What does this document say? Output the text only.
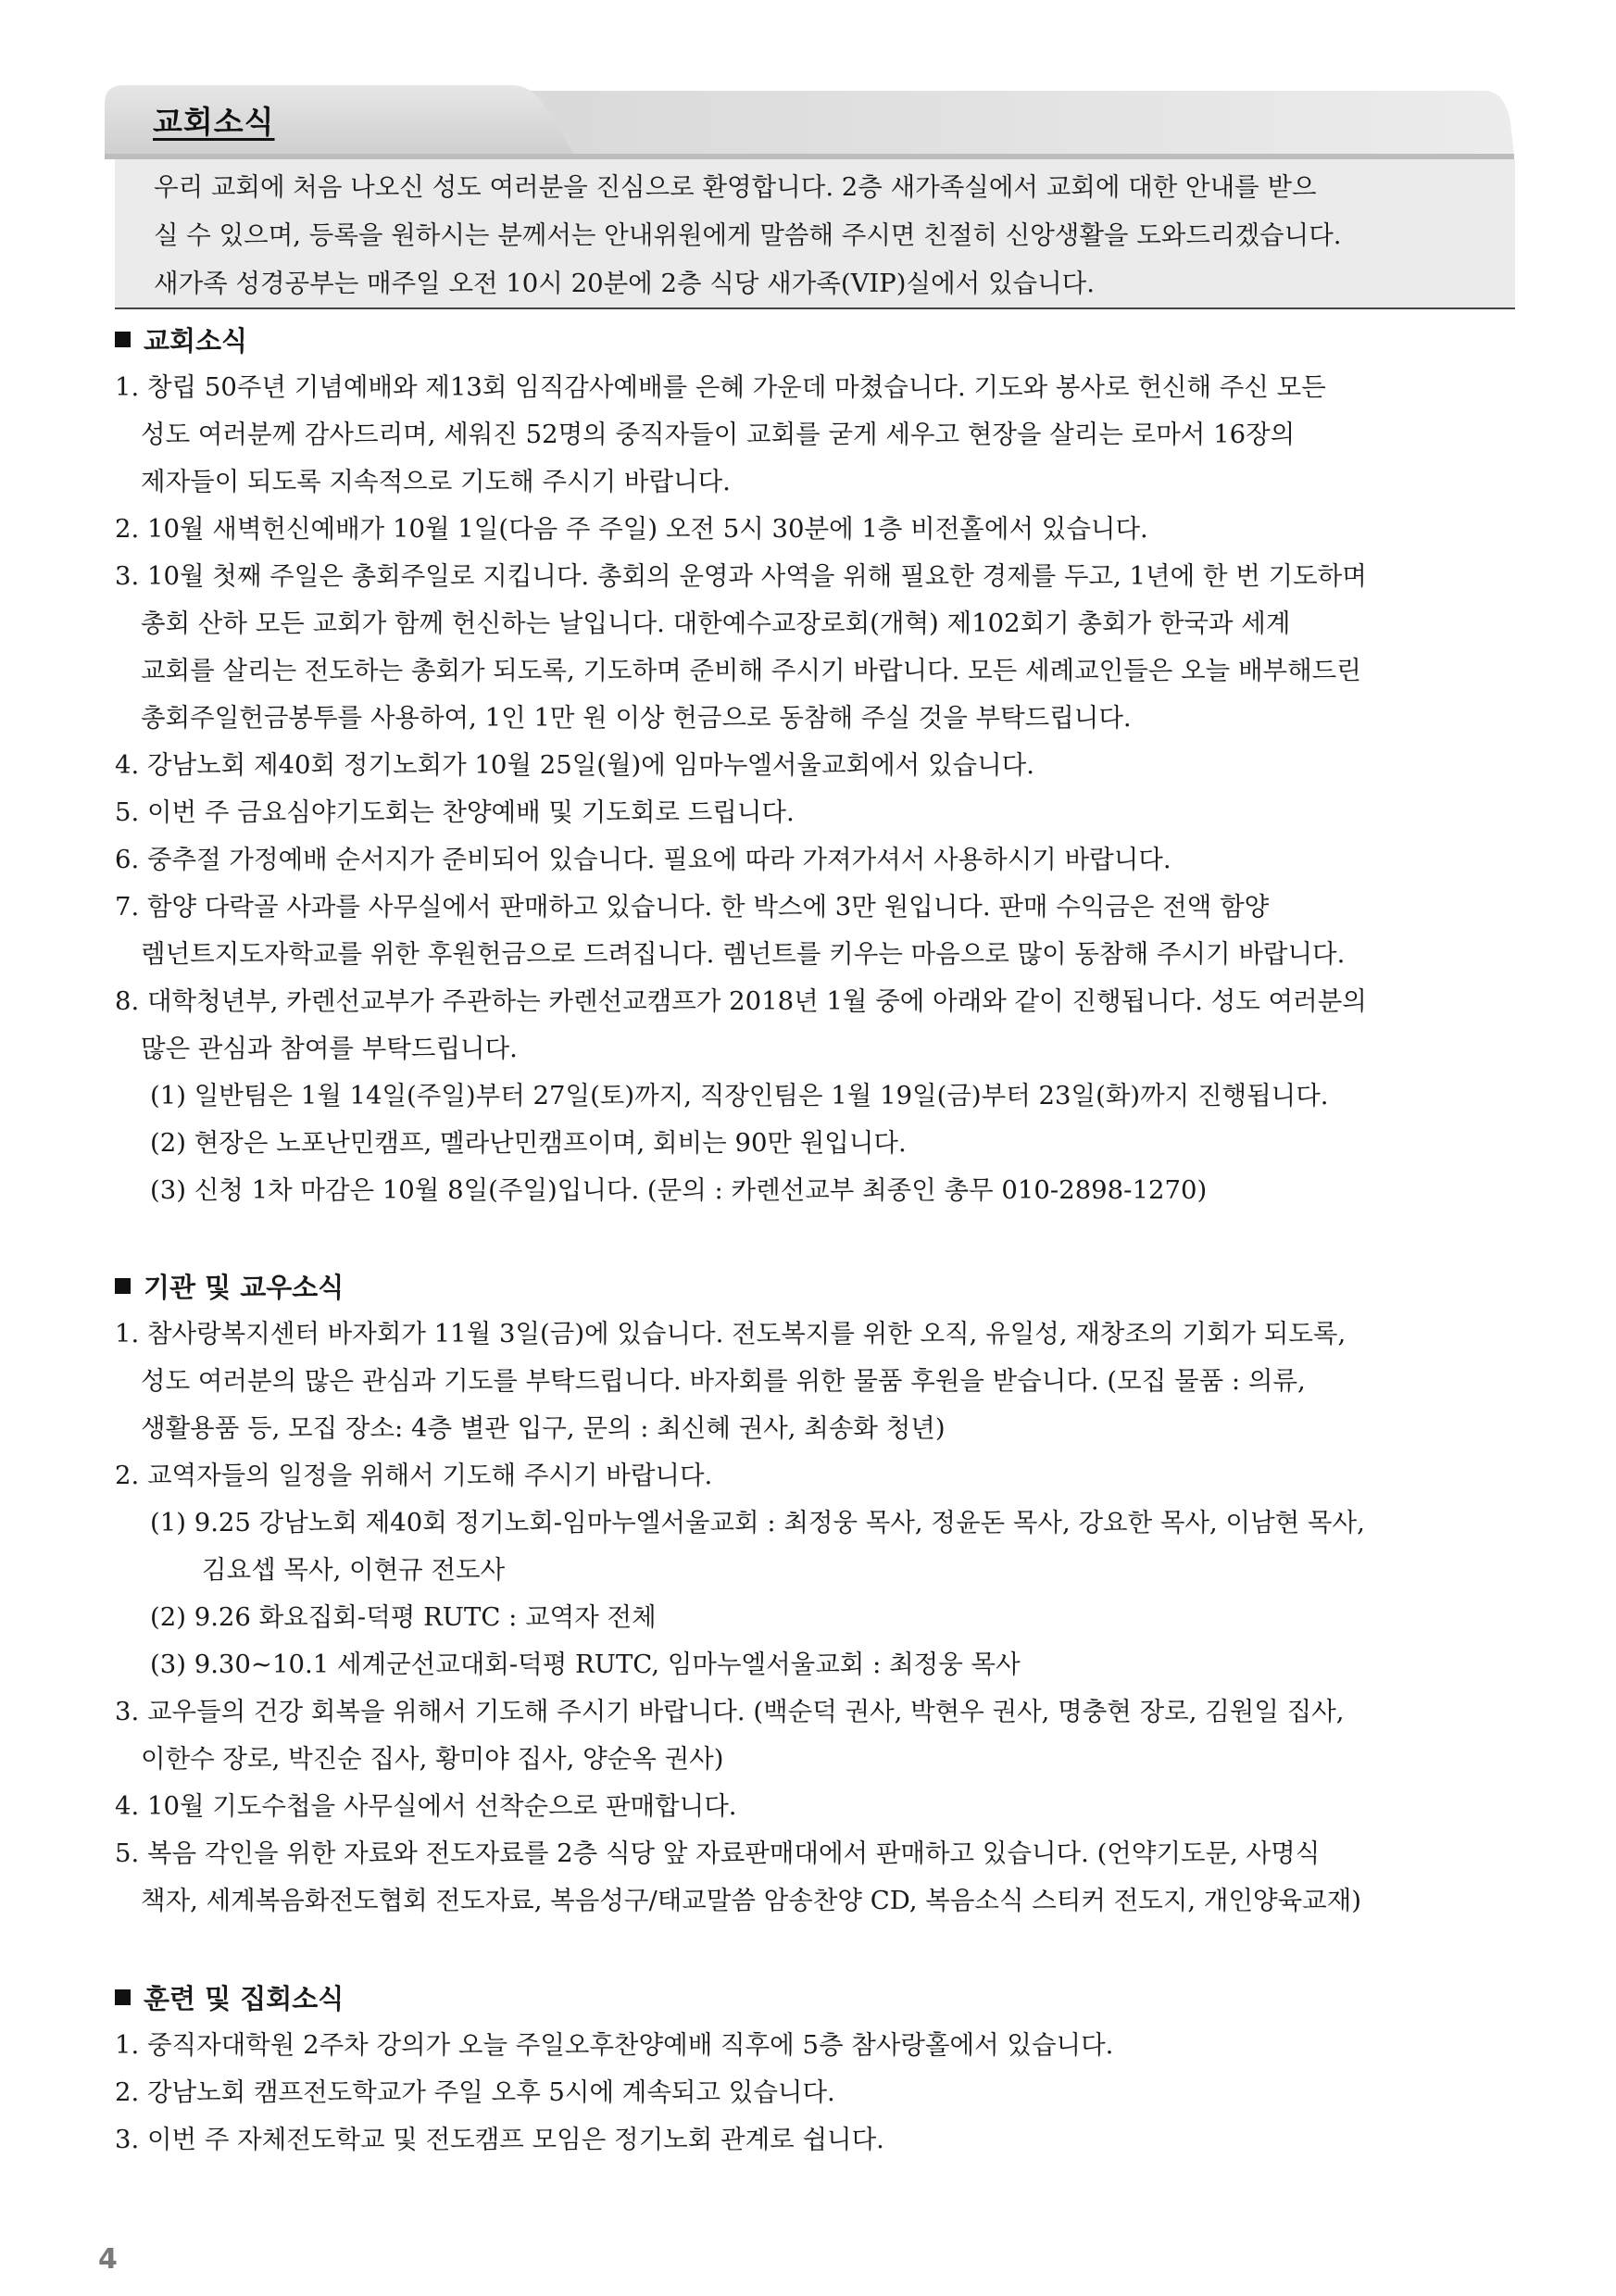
교회소식
우리 교회에 처음 나오신 성도 여러분을 진심으로 환영합니다. 2층 새가족실에서 교회에 대한 안내를 받으
실 수 있으며, 등록을 원하시는 분께서는 안내위원에게 말씀해 주시면 친절히 신앙생활을 도와드리겠습니다.
새가족 성경공부는 매주일 오전 10시 20분에 2층 식당 새가족(VIP)실에서 있습니다.
교회소식
1. 창립 50주년 기념예배와 제13회 임직감사예배를 은혜 가운데 마쳤습니다. 기도와 봉사로 헌신해 주신 모든
성도 여러분께 감사드리며, 세워진 52명의 중직자들이 교회를 굳게 세우고 현장을 살리는 로마서 16장의
제자들이 되도록 지속적으로 기도해 주시기 바랍니다.
2. 10월 새벽헌신예배가 10월 1일(다음 주 주일) 오전 5시 30분에 1층 비전홀에서 있습니다.
3. 10월 첫째 주일은 총회주일로 지킵니다. 총회의 운영과 사역을 위해 필요한 경제를 두고, 1년에 한 번 기도하며
총회 산하 모든 교회가 함께 헌신하는 날입니다. 대한예수교장로회(개혁) 제102회기 총회가 한국과 세계
교회를 살리는 전도하는 총회가 되도록, 기도하며 준비해 주시기 바랍니다. 모든 세례교인들은 오늘 배부해드린
총회주일헌금봉투를 사용하여, 1인 1만 원 이상 헌금으로 동참해 주실 것을 부탁드립니다.
4. 강남노회 제40회 정기노회가 10월 25일(월)에 임마누엘서울교회에서 있습니다.
5. 이번 주 금요심야기도회는 찬양예배 및 기도회로 드립니다.
6. 중추절 가정예배 순서지가 준비되어 있습니다. 필요에 따라 가져가셔서 사용하시기 바랍니다.
7. 함양 다락골 사과를 사무실에서 판매하고 있습니다. 한 박스에 3만 원입니다. 판매 수익금은 전액 함양
렘넌트지도자학교를 위한 후원헌금으로 드려집니다. 렘넌트를 키우는 마음으로 많이 동참해 주시기 바랍니다.
8. 대학청년부, 카렌선교부가 주관하는 카렌선교캠프가 2018년 1월 중에 아래와 같이 진행됩니다. 성도 여러분의
많은 관심과 참여를 부탁드립니다.
(1) 일반팀은 1월 14일(주일)부터 27일(토)까지, 직장인팀은 1월 19일(금)부터 23일(화)까지 진행됩니다.
(2) 현장은 노포난민캠프, 멜라난민캠프이며, 회비는 90만 원입니다.
(3) 신청 1차 마감은 10월 8일(주일)입니다. (문의 : 카렌선교부 최종인 총무 010-2898-1270)
기관 및 교우소식
1. 참사랑복지센터 바자회가 11월 3일(금)에 있습니다. 전도복지를 위한 오직, 유일성, 재창조의 기회가 되도록,
성도 여러분의 많은 관심과 기도를 부탁드립니다. 바자회를 위한 물품 후원을 받습니다. (모집 물품 : 의류,
생활용품 등, 모집 장소: 4층 별관 입구, 문의 : 최신혜 권사, 최송화 청년)
2. 교역자들의 일정을 위해서 기도해 주시기 바랍니다.
(1) 9.25 강남노회 제40회 정기노회-임마누엘서울교회 : 최정웅 목사, 정윤돈 목사, 강요한 목사, 이남현 목사,
김요셉 목사, 이현규 전도사
(2) 9.26 화요집회-덕평 RUTC : 교역자 전체
(3) 9.30~10.1 세계군선교대회-덕평 RUTC, 임마누엘서울교회 : 최정웅 목사
3. 교우들의 건강 회복을 위해서 기도해 주시기 바랍니다. (백순덕 권사, 박현우 권사, 명충현 장로, 김원일 집사,
이한수 장로, 박진순 집사, 황미야 집사, 양순옥 권사)
4. 10월 기도수첩을 사무실에서 선착순으로 판매합니다.
5. 복음 각인을 위한 자료와 전도자료를 2층 식당 앞 자료판매대에서 판매하고 있습니다. (언약기도문, 사명식
책자, 세계복음화전도협회 전도자료, 복음성구/태교말씀 암송찬양 CD, 복음소식 스티커 전도지, 개인양육교재)
훈련 및 집회소식
1. 중직자대학원 2주차 강의가 오늘 주일오후찬양예배 직후에 5층 참사랑홀에서 있습니다.
2. 강남노회 캠프전도학교가 주일 오후 5시에 계속되고 있습니다.
3. 이번 주 자체전도학교 및 전도캠프 모임은 정기노회 관계로 쉽니다.
4
